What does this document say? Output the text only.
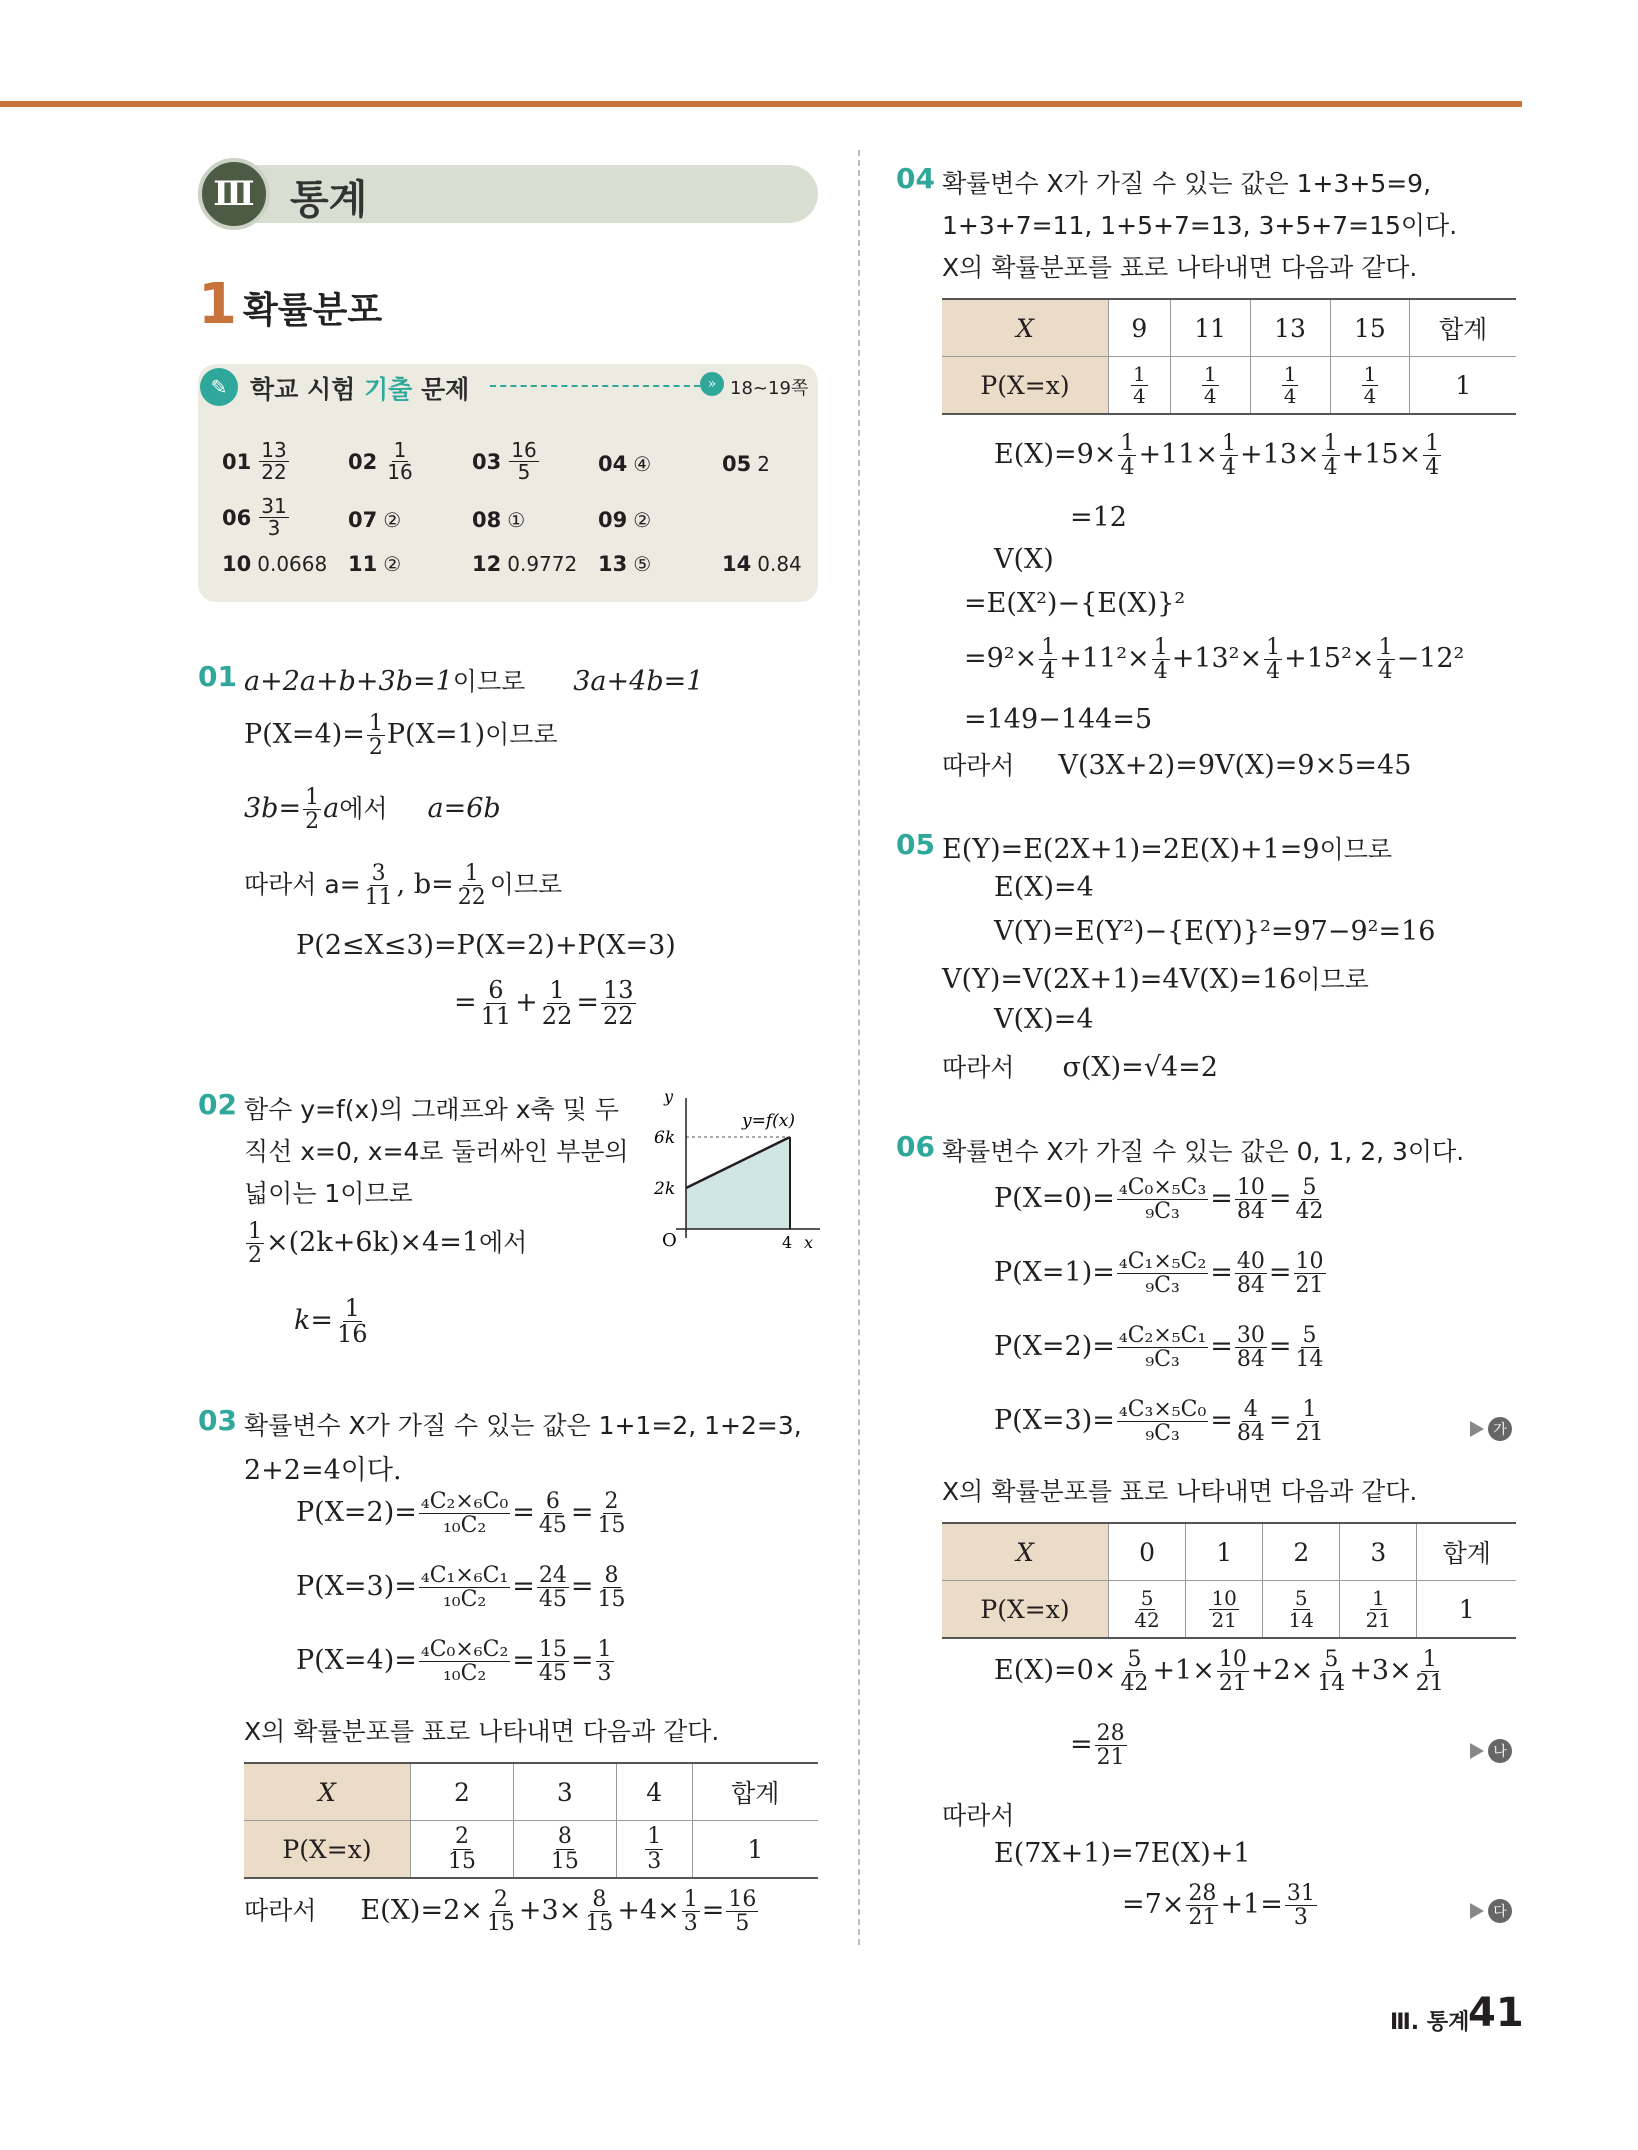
Ⅲ 통계
1 확률분포
✎ 학교 시험 기출 문제	» 18~19쪽
$01 \frac{13}{22}$	$02 \frac{1}{16}$	$03 \frac{16}{5}$	04 ④	05 2
$06 \frac{31}{3}$	07 ②	08 ①	09 ②
10 0.0668 11 ②	12 0.9772 13 ⑤	14 0.84
01 a+2a+b+3b=1이므로 3a+4b=1
$P(X=4)= \frac{1}{2} P(X=1)$이므로
$3b= \frac{1}{2}$ a에서 a=6b
따라서 $a= \frac{3}{11}$ , $b= \frac{1}{22}$ 이므로
P(2≤X≤3)=P(X=2)+P(X=3)
= $\frac{6}{11} + \frac{1}{22} = \frac{13}{22}$
02 함수 y=f(x)의 그래프와 x축 및 두
직선 x=0, x=4로 둘러싸인 부분의
넓이는 1이므로
$\frac{1}{2} \times(2k+6k)\times 4=1$에서
$k= \frac{1}{16}$
y
6k
2k
O	4 x
y=f(x)
03 확률변수 X가 가질 수 있는 값은 1+1=2, 1+2=3,
2+2=4이다.
$P(X=2)= \frac{\text{₄C₂×₆C₀}}{\text{₁₀C₂}} = \frac{6}{45} = \frac{2}{15}$
$P(X=3)= \frac{\text{₄C₁×₆C₁}}{\text{₁₀C₂}} = \frac{24}{45} = \frac{8}{15}$
$P(X=4)= \frac{\text{₄C₀×₆C₂}}{\text{₁₀C₂}} = \frac{15}{45} = \frac{1}{3}$
X의 확률분포를 표로 나타내면 다음과 같다.
X	2	3	4	합계
P(X=x)	$\frac{2}{15}$	$\frac{8}{15}$	$\frac{1}{3}$	1
따라서 $E(X)=2\times \frac{2}{15} +3\times \frac{8}{15} +4\times \frac{1}{3} = \frac{16}{5}$
04 확률변수 X가 가질 수 있는 값은 1+3+5=9,
1+3+7=11, 1+5+7=13, 3+5+7=15이다.
X의 확률분포를 표로 나타내면 다음과 같다.
X	9	11	13	15	합계
P(X=x)	$\frac{1}{4}$	$\frac{1}{4}$	$\frac{1}{4}$	$\frac{1}{4}$	1
$E(X)=9\times \frac{1}{4} +11\times \frac{1}{4} +13\times \frac{1}{4} +15\times \frac{1}{4}$
=12
V(X)
=E(X²)−{E(X)}²
$=9^2\times \frac{1}{4} +11^2\times \frac{1}{4} +13^2\times \frac{1}{4} +15^2\times \frac{1}{4} -12^2$
=149−144=5
따라서 V(3X+2)=9V(X)=9×5=45
05 E(Y)=E(2X+1)=2E(X)+1=9이므로
E(X)=4
V(Y)=E(Y²)−{E(Y)}²=97−9²=16
V(Y)=V(2X+1)=4V(X)=16이므로
V(X)=4
따라서 σ(X)=√4=2
06 확률변수 X가 가질 수 있는 값은 0, 1, 2, 3이다.
$P(X=0)= \frac{\text{₄C₀×₅C₃}}{\text{₉C₃}} = \frac{10}{84} = \frac{5}{42}$
$P(X=1)= \frac{\text{₄C₁×₅C₂}}{\text{₉C₃}} = \frac{40}{84} = \frac{10}{21}$
$P(X=2)= \frac{\text{₄C₂×₅C₁}}{\text{₉C₃}} = \frac{30}{84} = \frac{5}{14}$
$P(X=3)= \frac{\text{₄C₃×₅C₀}}{\text{₉C₃}} = \frac{4}{84} = \frac{1}{21}$	가
X의 확률분포를 표로 나타내면 다음과 같다.
X	0	1	2	3	합계
P(X=x)	$\frac{5}{42}$	$\frac{10}{21}$	$\frac{5}{14}$	$\frac{1}{21}$	1
$E(X)=0\times \frac{5}{42} +1\times \frac{10}{21} +2\times \frac{5}{14} +3\times \frac{1}{21}$
= $\frac{28}{21}$	나
따라서
E(7X+1)=7E(X)+1
$=7\times \frac{28}{21} +1= \frac{31}{3}$	다
Ⅲ. 통계
41
